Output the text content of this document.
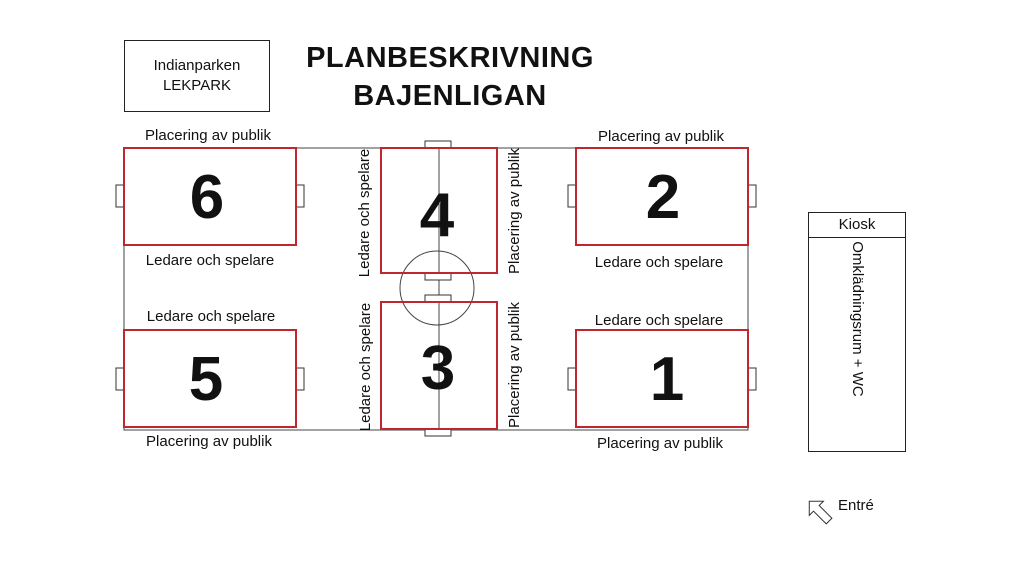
Indianparken
LEKPARK
PLANBESKRIVNING
BAJENLIGAN
6	4	2
5	3	1
Placering av publik
Ledare och spelare
Placering av publik
Ledare och spelare
Ledare och spelare
Placering av publik
Ledare och spelare
Placering av publik
Ledare och spelare	Placering av publik
Ledare och spelare	Placering av publik
Kiosk
Omklädningsrum + WC
Entré
